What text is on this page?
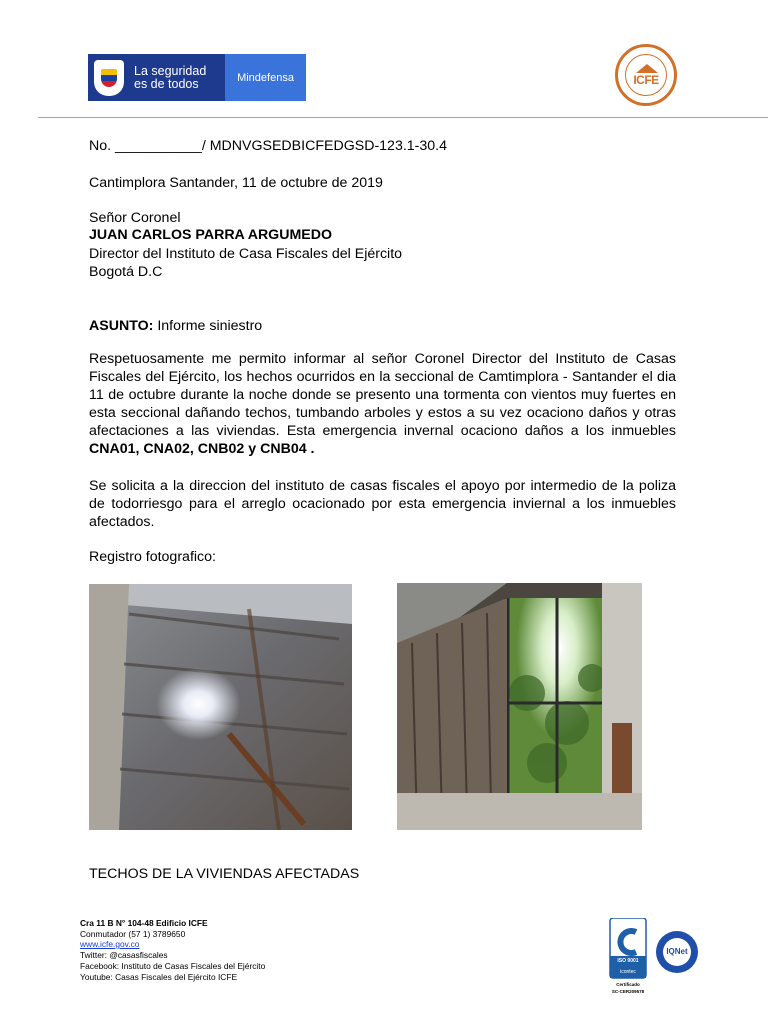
La seguridad
es de todos	Mindefensa	ICFE
No. ___________/ MDNVGSEDBICFEDGSD-123.1-30.4
Cantimplora Santander, 11 de octubre de 2019
Señor Coronel
JUAN CARLOS PARRA ARGUMEDO
Director del Instituto de Casa Fiscales del Ejército
Bogotá D.C
ASUNTO: Informe siniestro
Respetuosamente me permito informar al señor Coronel Director del Instituto de Casas Fiscales del Ejército, los hechos ocurridos en la seccional de Camtimplora - Santander el dia 11 de octubre durante la noche donde se presento una tormenta con vientos muy fuertes en esta seccional dañando techos, tumbando arboles y estos a su vez ocaciono daños y otras afectaciones a las viviendas. Esta emergencia invernal ocaciono daños a los inmuebles CNA01, CNA02, CNB02 y CNB04 .
Se solicita a la direccion del instituto de casas fiscales el apoyo por intermedio de la poliza de todorriesgo para el arreglo ocacionado por esta emergencia inviernal a los inmuebles afectados.
Registro fotografico:
TECHOS DE LA VIVIENDAS AFECTADAS
Cra 11 B N° 104-48 Edificio ICFE
Conmutador (57 1) 3789650
www.icfe.gov.co
Twitter: @casasfiscales
Facebook: Instituto de Casas Fiscales del Ejército
Youtube: Casas Fiscales del Ejército ICFE
ISO 9001
icontec
Certificado
SC-CER209578
IQNet
